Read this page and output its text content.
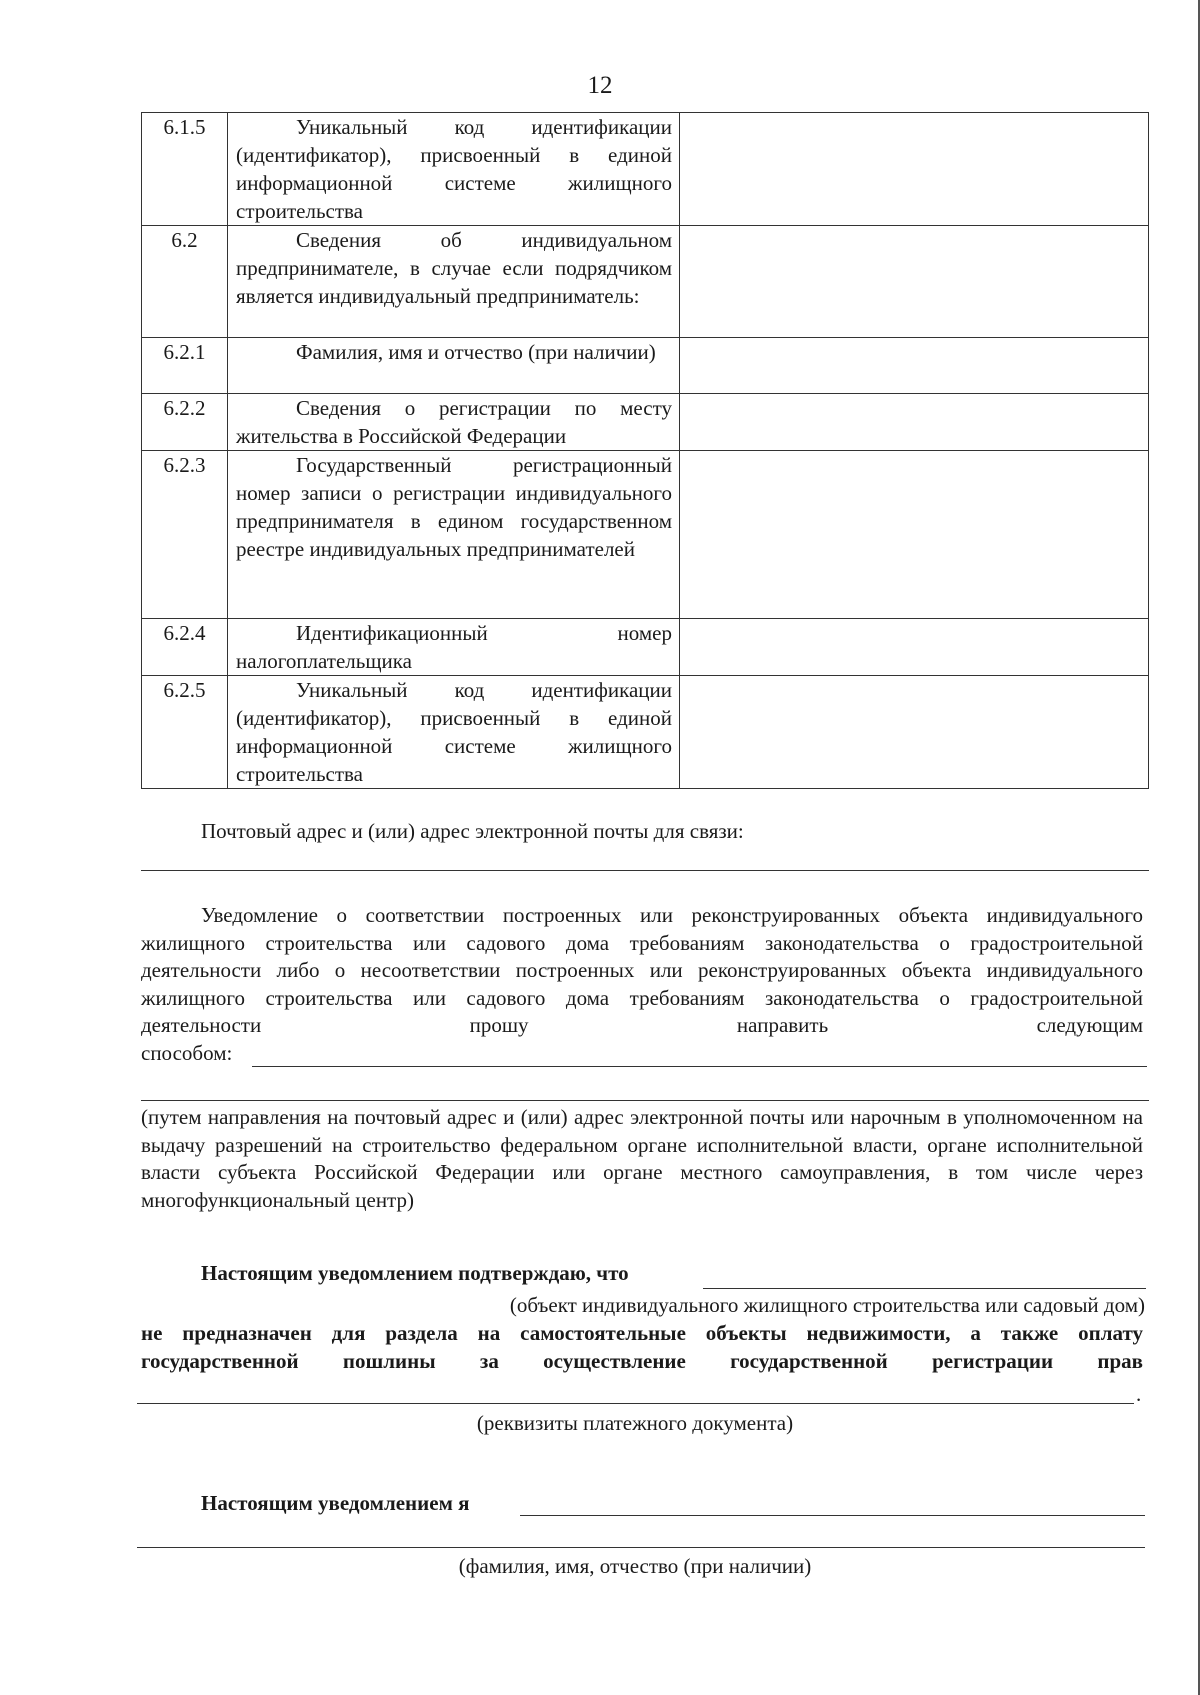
12
6.1.5	Уникальный код идентификации (идентификатор), присвоенный в единой информационной системе жилищного строительства	

6.2	Сведения об индивидуальном предпринимателе, в случае если подрядчиком является индивидуальный предприниматель:	

6.2.1	Фамилия, имя и отчество (при наличии)	

6.2.2	Сведения о регистрации по месту жительства в Российской Федерации	

6.2.3	Государственный регистрационный номер записи о регистрации индивидуального предпринимателя в едином государственном реестре индивидуальных предпринимателей	

6.2.4	Идентификационный номер налогоплательщика	

6.2.5	Уникальный код идентификации (идентификатор), присвоенный в единой информационной системе жилищного строительства	

Почтовый адрес и (или) адрес электронной почты для связи:
Уведомление о соответствии построенных или реконструированных объекта индивидуального жилищного строительства или садового дома требованиям законодательства о градостроительной деятельности либо о несоответствии построенных или реконструированных объекта индивидуального жилищного строительства или садового дома требованиям законодательства о градостроительной деятельности прошу направить следующим
способом:
(путем направления на почтовый адрес и (или) адрес электронной почты или нарочным в уполномоченном на выдачу разрешений на строительство федеральном органе исполнительной власти, органе исполнительной власти субъекта Российской Федерации или органе местного самоуправления, в том числе через многофункциональный центр)
Настоящим уведомлением подтверждаю, что
(объект индивидуального жилищного строительства или садовый дом)
не предназначен для раздела на самостоятельные объекты недвижимости, а также оплату
государственной пошлины за осуществление государственной регистрации прав
.
(реквизиты платежного документа)
Настоящим уведомлением я
(фамилия, имя, отчество (при наличии)
